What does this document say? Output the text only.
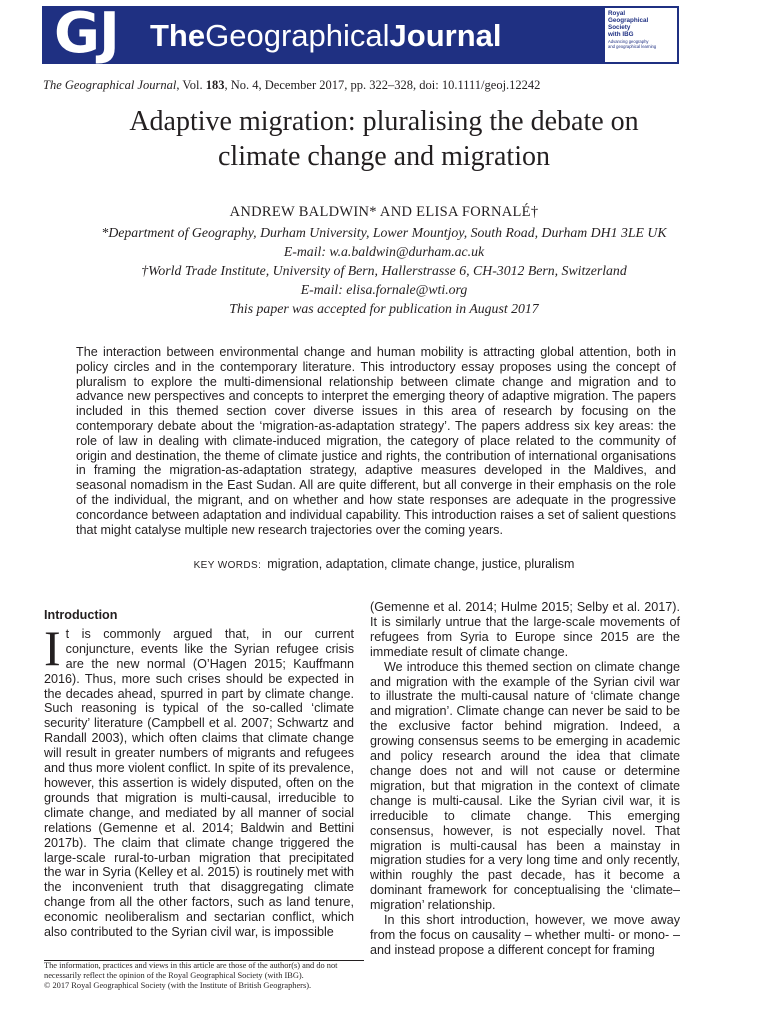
GJ TheGeographicalJournal
Royal
Geographical
Society
with IBG
Advancing geography
and geographical learning
The Geographical Journal, Vol. 183, No. 4, December 2017, pp. 322–328, doi: 10.1111/geoj.12242
Adaptive migration: pluralising the debate on
climate change and migration
ANDREW BALDWIN* AND ELISA FORNALÉ†
*Department of Geography, Durham University, Lower Mountjoy, South Road, Durham DH1 3LE UK
E-mail: w.a.baldwin@durham.ac.uk
†World Trade Institute, University of Bern, Hallerstrasse 6, CH-3012 Bern, Switzerland
E-mail: elisa.fornale@wti.org
This paper was accepted for publication in August 2017
The interaction between environmental change and human mobility is attracting global attention, both in policy circles and in the contemporary literature. This introductory essay proposes using the concept of pluralism to explore the multi-dimensional relationship between climate change and migration and to advance new perspectives and concepts to interpret the emerging theory of adaptive migration. The papers included in this themed section cover diverse issues in this area of research by focusing on the contemporary debate about the ‘migration-as-adaptation strategy’. The papers address six key areas: the role of law in dealing with climate-induced migration, the category of place related to the community of origin and destination, the theme of climate justice and rights, the contribution of international organisations in framing the migration-as-adaptation strategy, adaptive measures developed in the Maldives, and seasonal nomadism in the East Sudan. All are quite different, but all converge in their emphasis on the role of the individual, the migrant, and on whether and how state responses are adequate in the progressive concordance between adaptation and individual capability. This introduction raises a set of salient questions that might catalyse multiple new research trajectories over the coming years.
KEY WORDS: migration, adaptation, climate change, justice, pluralism
Introduction

It is commonly argued that, in our current conjuncture, events like the Syrian refugee crisis are the new normal (O’Hagen 2015; Kauffmann 2016). Thus, more such crises should be expected in the decades ahead, spurred in part by climate change. Such reasoning is typical of the so-called ‘climate security’ literature (Campbell et al. 2007; Schwartz and Randall 2003), which often claims that climate change will result in greater numbers of migrants and refugees and thus more violent conflict. In spite of its prevalence, however, this assertion is widely disputed, often on the grounds that migration is multi-causal, irreducible to climate change, and mediated by all manner of social relations (Gemenne et al. 2014; Baldwin and Bettini 2017b). The claim that climate change triggered the large-scale rural-to-urban migration that precipitated the war in Syria (Kelley et al. 2015) is routinely met with the inconvenient truth that disaggregating climate change from all the other factors, such as land tenure, economic neoliberalism and sectarian conflict, which also contributed to the Syrian civil war, is impossible

(Gemenne et al. 2014; Hulme 2015; Selby et al. 2017). It is similarly untrue that the large-scale movements of refugees from Syria to Europe since 2015 are the immediate result of climate change.

We introduce this themed section on climate change and migration with the example of the Syrian civil war to illustrate the multi-causal nature of ‘climate change and migration’. Climate change can never be said to be the exclusive factor behind migration. Indeed, a growing consensus seems to be emerging in academic and policy research around the idea that climate change does not and will not cause or determine migration, but that migration in the context of climate change is multi-causal. Like the Syrian civil war, it is irreducible to climate change. This emerging consensus, however, is not especially novel. That migration is multi-causal has been a mainstay in migration studies for a very long time and only recently, within roughly the past decade, has it become a dominant framework for conceptualising the ‘climate–migration’ relationship.

In this short introduction, however, we move away from the focus on causality – whether multi- or mono- – and instead propose a different concept for framing

The information, practices and views in this article are those of the author(s) and do not necessarily reflect the opinion of the Royal Geographical Society (with IBG).
© 2017 Royal Geographical Society (with the Institute of British Geographers).
